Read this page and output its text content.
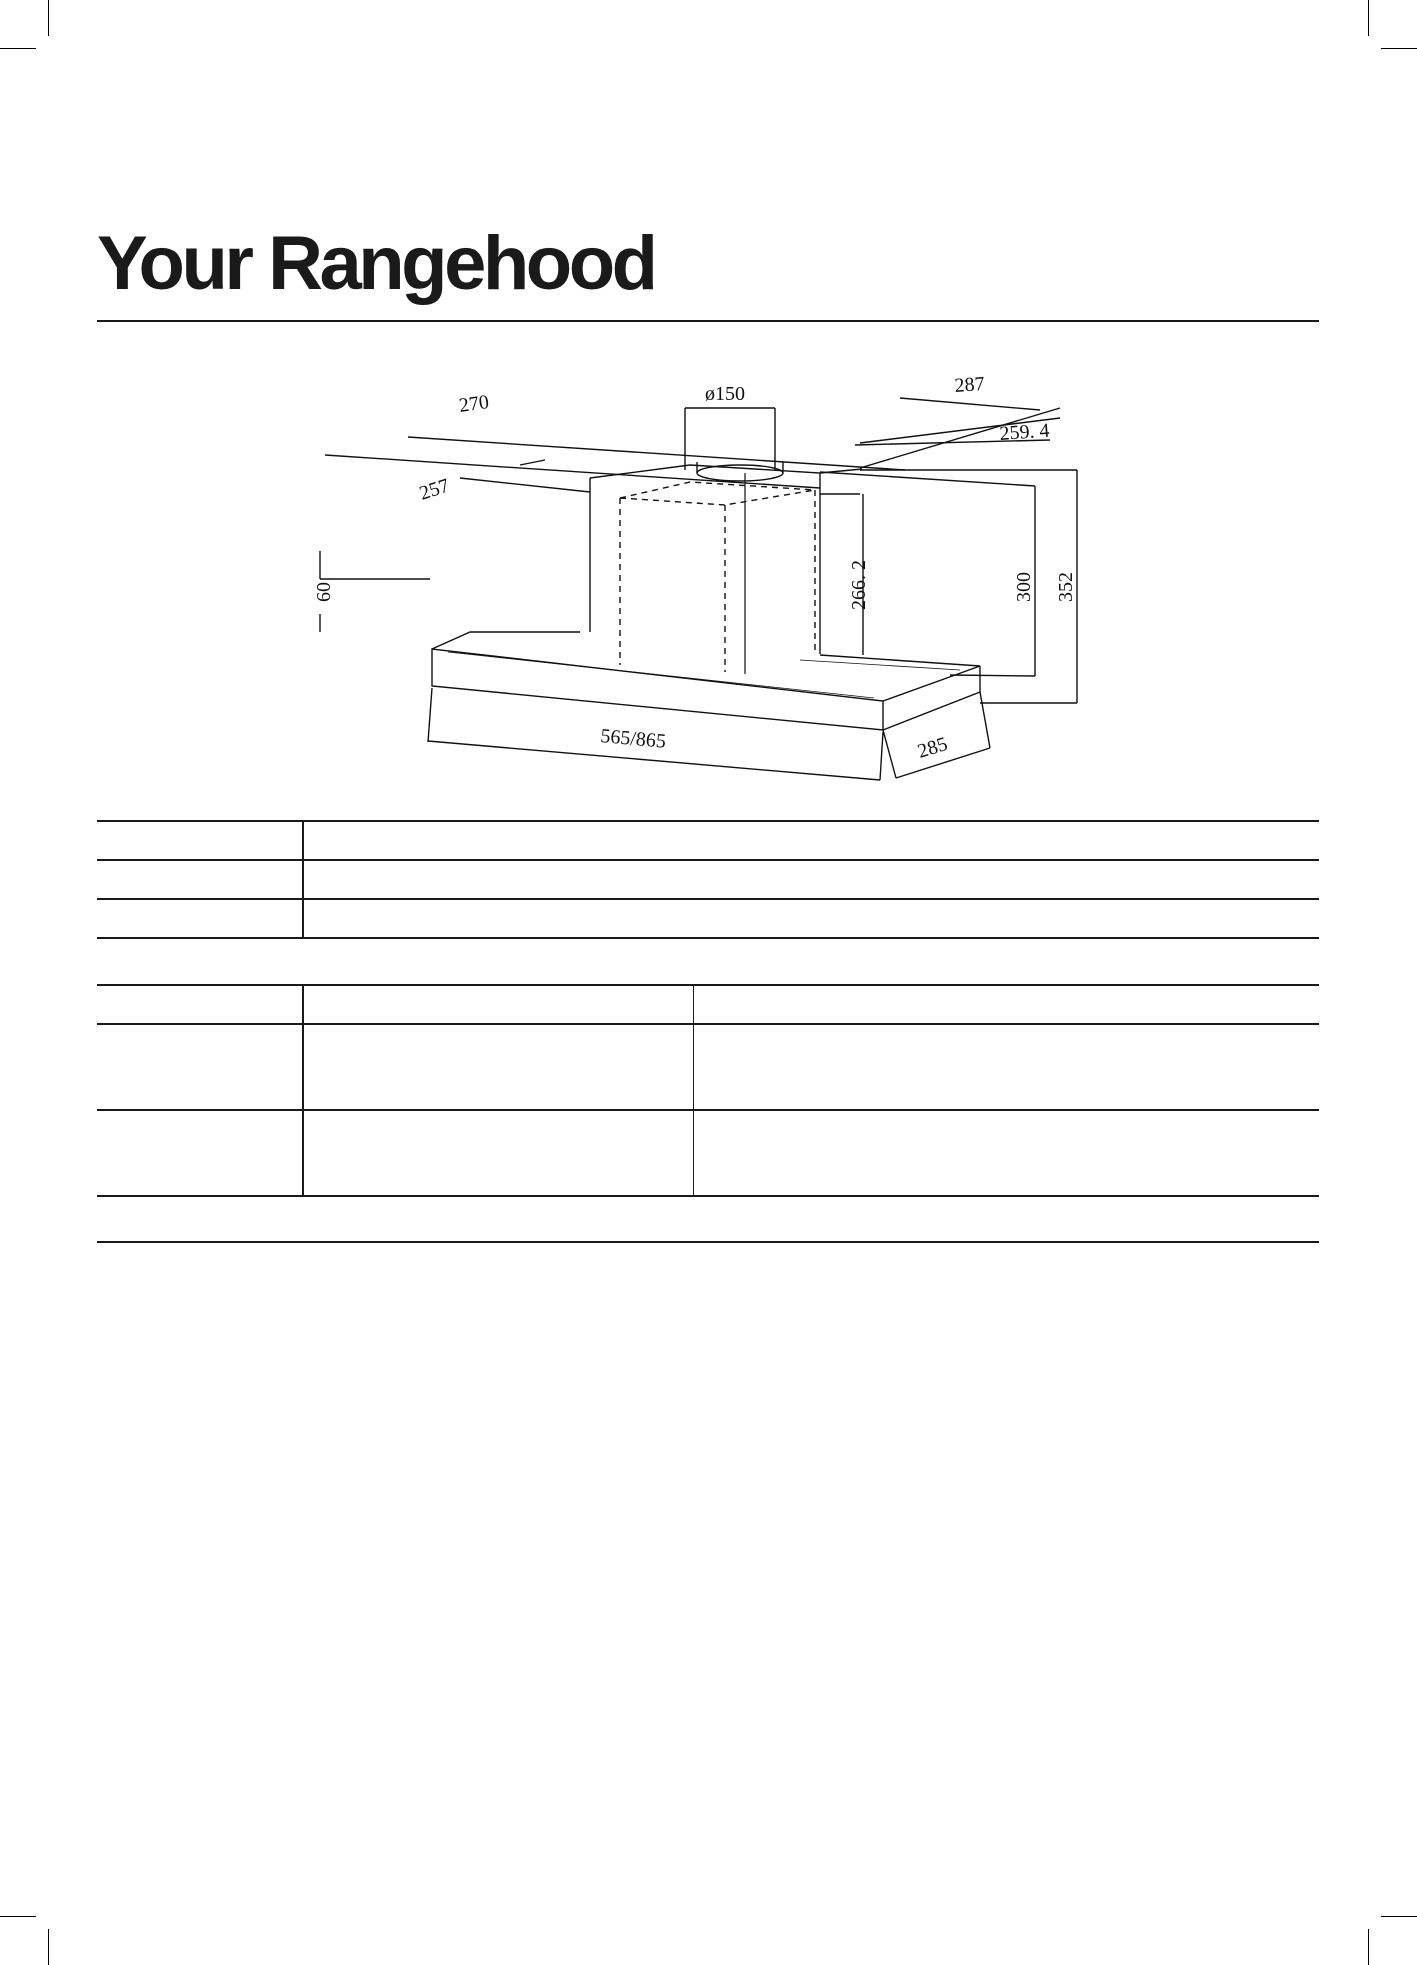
Your Rangehood
270	ø150	287
259. 4
257
60	266. 2	300 352
565/865	285
